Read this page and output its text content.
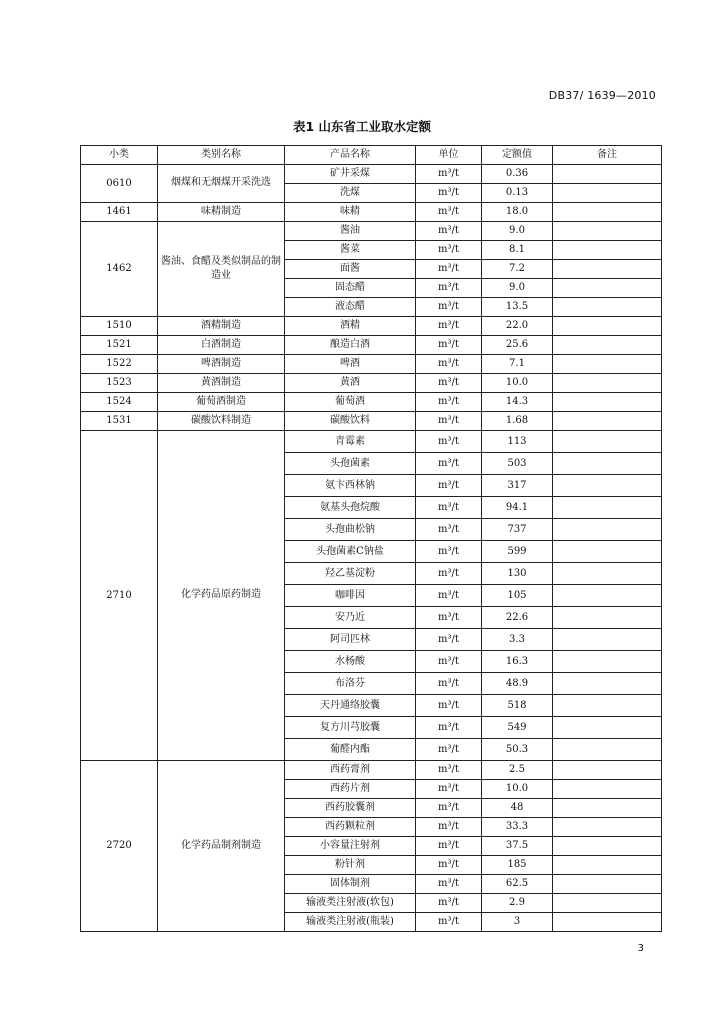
DB37/ 1639—2010
表1 山东省工业取水定额
小类	类别名称	产品名称	单位	定额值	备注
0610	烟煤和无烟煤开采洗选	矿井采煤	m³/t	0.36	
		洗煤	m³/t	0.13	
1461	味精制造	味精	m³/t	18.0	
1462	酱油、食醋及类似制品的制造业	酱油	m³/t	9.0	
		酱菜	m³/t	8.1	
		面酱	m³/t	7.2	
		固态醋	m³/t	9.0	
		液态醋	m³/t	13.5	
1510	酒精制造	酒精	m³/t	22.0	
1521	白酒制造	酿造白酒	m³/t	25.6	
1522	啤酒制造	啤酒	m³/t	7.1	
1523	黄酒制造	黄酒	m³/t	10.0	
1524	葡萄酒制造	葡萄酒	m³/t	14.3	
1531	碳酸饮料制造	碳酸饮料	m³/t	1.68	
2710	化学药品原药制造	青霉素	m³/t	113	
		头孢菌素	m³/t	503	
		氨卞西林钠	m³/t	317	
		氨基头孢烷酸	m³/t	94.1	
		头孢曲松钠	m³/t	737	
		头孢菌素C钠盐	m³/t	599	
		羟乙基淀粉	m³/t	130	
		咖啡因	m³/t	105	
		安乃近	m³/t	22.6	
		阿司匹林	m³/t	3.3	
		水杨酸	m³/t	16.3	
		布洛芬	m³/t	48.9	
		天丹通络胶囊	m³/t	518	
		复方川芎胶囊	m³/t	549	
		葡醛内酯	m³/t	50.3	
2720	化学药品制剂制造	西药膏剂	m³/t	2.5	
		西药片剂	m³/t	10.0	
		西药胶囊剂	m³/t	48	
		西药颗粒剂	m³/t	33.3	
		小容量注射剂	m³/t	37.5	
		粉针剂	m³/t	185	
		固体制剂	m³/t	62.5	
		输液类注射液(软包)	m³/t	2.9	
		输液类注射液(瓶装)	m³/t	3	
3
